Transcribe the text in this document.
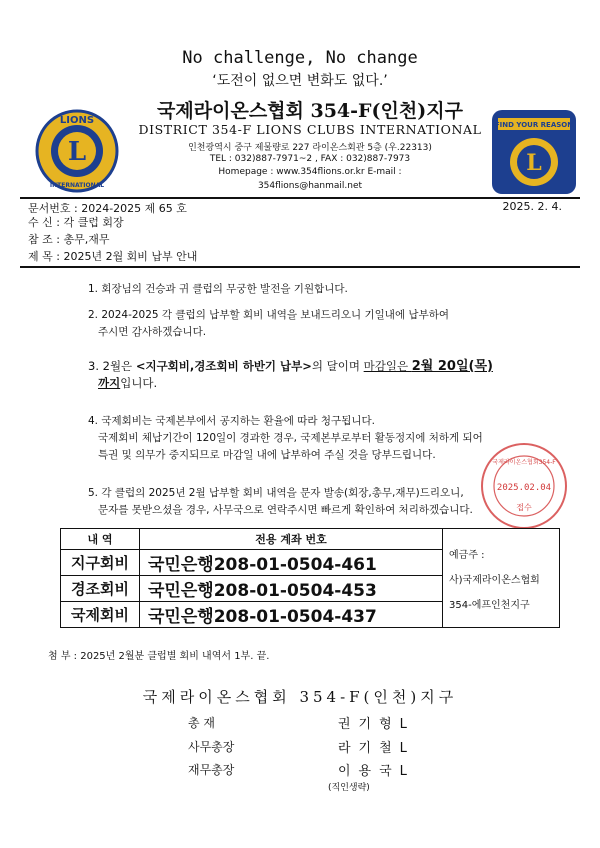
No challenge, No change
‘도전이 없으면 변화도 없다.’
L
LIONS
INTERNATIONAL
국제라이온스협회 354-F(인천)지구
DISTRICT 354-F LIONS CLUBS INTERNATIONAL
인천광역시 중구 제물량로 227 라이온스회관 5층 (우.22313)
TEL : 032)887-7971~2 , FAX : 032)887-7973
Homepage : www.354flions.or.kr E-mail :
354flions@hanmail.net
FIND YOUR REASON
L
문서번호 : 2024-2025 제 65 호	2025. 2. 4.
수 신 : 각 클럽 회장
참 조 : 총무,재무
제 목 : 2025년 2월 회비 납부 안내
1. 회장님의 건승과 귀 클럽의 무궁한 발전을 기원합니다.
2. 2024-2025 각 클럽의 납부할 회비 내역을 보내드리오니 기일내에 납부하여
주시면 감사하겠습니다.
3. 2월은 <지구회비,경조회비 하반기 납부>의 달이며 마감일은 2월 20일(목)
까지입니다.
4. 국제회비는 국제본부에서 공지하는 환율에 따라 청구됩니다.
국제회비 체납기간이 120일이 경과한 경우, 국제본부로부터 활동정지에 처하게 되어
특권 및 의무가 중지되므로 마감일 내에 납부하여 주실 것을 당부드립니다.
5. 각 클럽의 2025년 2월 납부할 회비 내역을 문자 발송(회장,총무,재무)드리오니,
문자를 못받으셨을 경우, 사무국으로 연락주시면 빠르게 확인하여 처리하겠습니다.
국제라이온스협회354-F
2025.02.04
접수
내 역	전용 계좌 번호	예금주 :
사)국제라이온스협회
354-에프인천지구

지구회비	국민은행208-01-0504-461	
경조회비	국민은행208-01-0504-453	
국제회비	국민은행208-01-0504-437	
첨 부 : 2025년 2월분 클럽별 회비 내역서 1부. 끝.
국제라이온스협회 354-F(인천)지구
총 재	권기형L
사무총장	라기철L
재무총장	이용국L
(직인생략)
